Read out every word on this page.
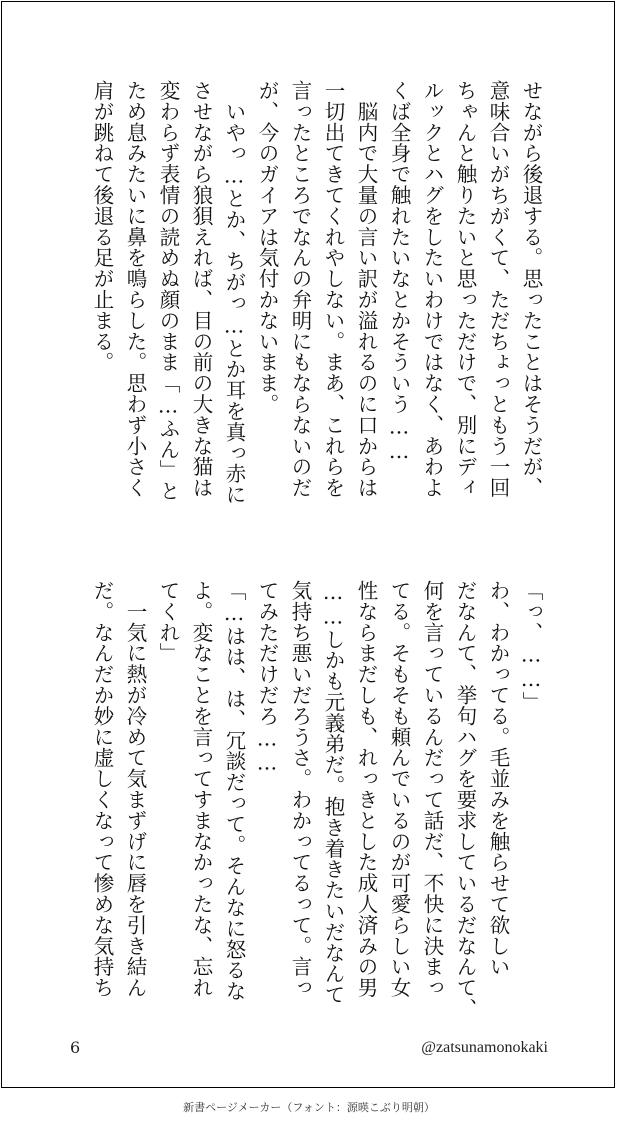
せながら後退する。思ったことはそうだが、
意味合いがちがくて、ただちょっともう一回
ちゃんと触りたいと思っただけで、別にディ
ルックとハグをしたいわけではなく、あわよ
くば全身で触れたいなとかそういう……
　脳内で大量の言い訳が溢れるのに口からは
一切出てきてくれやしない。まあ、これらを
言ったところでなんの弁明にもならないのだ
が、今のガイアは気付かないまま。
　いやっ…とか、ちがっ…とか耳を真っ赤に
させながら狼狽えれば、目の前の大きな猫は
変わらず表情の読めぬ顔のまま「…ふん」と
ため息みたいに鼻を鳴らした。思わず小さく
肩が跳ねて後退る足が止まる。
「っ、……」
わ、わかってる。毛並みを触らせて欲しい
だなんて、挙句ハグを要求しているだなんて、
何を言っているんだって話だ、不快に決まっ
てる。そもそも頼んでいるのが可愛らしい女
性ならまだしも、れっきとした成人済みの男
……しかも元義弟だ。抱き着きたいだなんて
気持ち悪いだろうさ。わかってるって。言っ
てみただけだろ……
「…はは、は、冗談だって。そんなに怒るな
よ。変なことを言ってすまなかったな、忘れ
てくれ」
　一気に熱が冷めて気まずげに唇を引き結ん
だ。なんだか妙に虚しくなって惨めな気持ち
6	@zatsunamonokaki
新書ページメーカー（フォント：源暎こぶり明朝）
